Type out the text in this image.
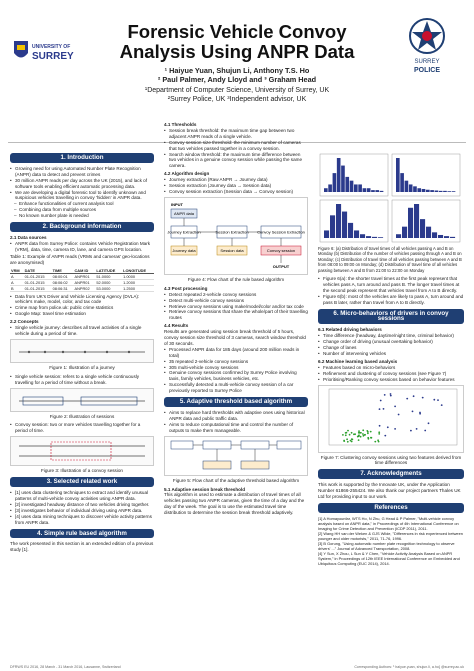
UNIVERSITY OF
SURREY	SURREY
POLICE
Forensic Vehicle Convoy Analysis Using ANPR Data
¹ Haiyue Yuan, Shujun Li, Anthony T.S. Ho
² Paul Palmer, Andy Lloyd and ³ Graham Head
¹Department of Computer Science, University of Surrey, UK
²Surrey Police, UK ³Independent advisor, UK
1. Introduction
• Growing need for using Automated Number Plate Recognition (ANPR) data to detect and prevent crimes
• 30 million ANPR reads per day across the UK (2015), and lack of software tools enabling efficient automatic processing data.
• We are developing a digital forensic tool to identify unknown and suspicious vehicles travelling in convoy 'hidden' in ANPR data.
– Enhance functionalities of current analysis tool
– Combining data from multiple sources
– No known number plate is needed
2. Background information
2.1 Data sources
• ANPR data from Surrey Police: contains Vehicle Registration Mark (VRM), data, time, camera ID, lane, and camera GPS location.
Table 1: Example of ANPR reads (VRMs and cameras' geo-locations are anonymised)
VRM	DATE	TIME	CAM ID	LATITUDE	LONGITUDE
A	01-01-2015	08:00:01	ANPR01	51.0000	1.0000
A	01-01-2015	08:06:02	ANPR01	52.0000	1.2000
B	01-01-2015	08:06:31	ANPR02	53.0000	1.2500
• Data from UK's Driver and Vehicle Licensing Agency (DVLA): vehicle's make, model, color, and tax code
• Crime map from police.uk: public crime statistics
• Google Map: travel time estimation
2.2 Concepts
• Single vehicle journey: describes all travel activities of a single vehicle during a period of time.
Figure 1: Illustration of a journey
• Single vehicle session: refers to a single vehicle continuously travelling for a period of time without a break.
Figure 2: Illustration of sessions
• Convoy session: two or more vehicles travelling together for a period of time.
Figure 3: Illustration of a convoy session
3. Selected related work
• [1] uses data clustering techniques to extract and identify unusual patterns of multi-vehicle convoy activities using ANPR data.
• [2] investigated headway distance of two vehicles driving together.
• [3] investigates behavior of individual driving using ANPR data.
• [4] uses data mining techniques to discover vehicle activity patterns from ANPR data.
4. Simple rule based algorithm
The work presented in this section is an extended edition of a previous study [1].
4.1 Thresholds
• Session break threshold: the maximum time gap between two adjacent ANPR reads of a single vehicle.
• Convoy session size threshold: the minimum number of cameras that two vehicles passed together in a convoy session.
• Search window threshold: the maximum time difference between two vehicles in a genuine convoy session while passing the same camera.
4.2 Algorithm design
• Journey extraction (Raw ANPR → Journey data)
• Session extraction (Journey data → Session data)
• Convoy session extraction (Session data → Convoy session)
INPUT
ANPR data
Journey Extraction	Session Extraction Convoy Session Extraction
Journey data	Session data	Convoy session
OUTPUT
Figure 4: Flow chart of the rule based algorithm
4.3 Post processing
• Detect repeated 2-vehicle convoy sessions
• Detect multi-vehicle convoy sessions
• Retrieve convoy sessions using make/model/color and/or tax code
• Retrieve convoy sessions that share the whole/part of their travelling routes
4.4 Results
Results are generated using session break threshold of 5 hours, convoy session size threshold of 3 cameras, search window threshold of 30 seconds.
• Processed ANPR data for 185 days (around 200 million reads in total)
• 35 repeated 2-vehicle convoy sessions
• 305 multi-vehicle convoy sessions
• Genuine convoy sessions confirmed by Surrey Police involving taxis, family vehicles, business vehicles, etc.
• Successfully detected a multi-vehicle convoy session of a car previously reported to Surrey Police
5. Adaptive threshold based algorithm
• Aims to replace hard thresholds with adaptive ones using historical ANPR data and public traffic data.
• Aims to reduce computational time and control the number of outputs to make them manageable.
Figure 5: Flow chart of the adaptive threshold based algorithm
5.1 Adaptive session break threshold
This algorithm is used to estimate a distribution of travel times of all vehicles passing two ANPR cameras, given the time of a day and the day of the week. The goal is to use the estimated travel time distribution to determine the session break threshold adaptively.
Figure 6: (a) Distribution of travel times of all vehicles passing A and B on Monday (b) Distribution of the number of vehicles passing through A and B on Monday; (c) Distribution of travel time of all vehicles passing between A and B from 08:00 to 09:00 on Monday; (d) Distribution of travel time of all vehicles passing between A and B from 21:00 to 22:00 on Monday
• Figure 6(a): the shorter travel times at the first peak represent that vehicles pass A, turn around and pass B. The longer travel times at the second peak represent that vehicles travel from A to B directly.
• Figure 6(b): most of the vehicles are likely to pass A, turn around and pass B later, rather than travel from A to B directly.
6. Micro-behaviors of drivers in convoy sessions
6.1 Related driving behaviors
• Time difference (headway, daytime/night time, criminal behavior)
• Change order of driving (unusual overtaking behavior)
• Change of lanes
• Number of intervening vehicles
6.2 Machine learning based analysis
• Features based on micro-behaviors
• Refinement and clustering of convoy sessions (see Figure 7)
• Prioritising/Ranking convoy sessions based on behavior features
Figure 7: Clustering convoy sessions using two features derived from time differences
7. Acknowledgments
This work is supported by the Innovate UK, under the Application Number 61866-255424. We also thank our project partners Thales UK Ltd for providing input to our work.
References
[1] A Homayounfar, WTS Ho, N Zhu, G Head & P Palmer, "Multi-vehicle convoy analysis based on ANPR data," in Proceedings of 4th International Conference on Imaging for Crime Detection and Prevention (ICDP 2011), 2011.
[2] Wang HH van der Weken & GJS Wilde, "Differences in risk experienced between younger and older motorists," 2011, 71-76, 1996.
[3] B Gorung, "Using automatic number plate recognition technology to observe drivers' ..." Journal of Advanced Transportation, 2008.
[4] Y Sun, X Zhou, L Sun & Y Chen, "Vehicle Activity Analysis Based on ANPR System," in Proceedings of 12th IEEE International Conference on Embedded and Ubiquitous Computing (EUC 2014), 2014.
DFRWS EU 2016, 28 March - 31 March 2016, Lausanne, Switzerland	Corresponding Authors: ¹ haiyue.yuan, shujun.li, a.ho} @surrey.ac.uk
